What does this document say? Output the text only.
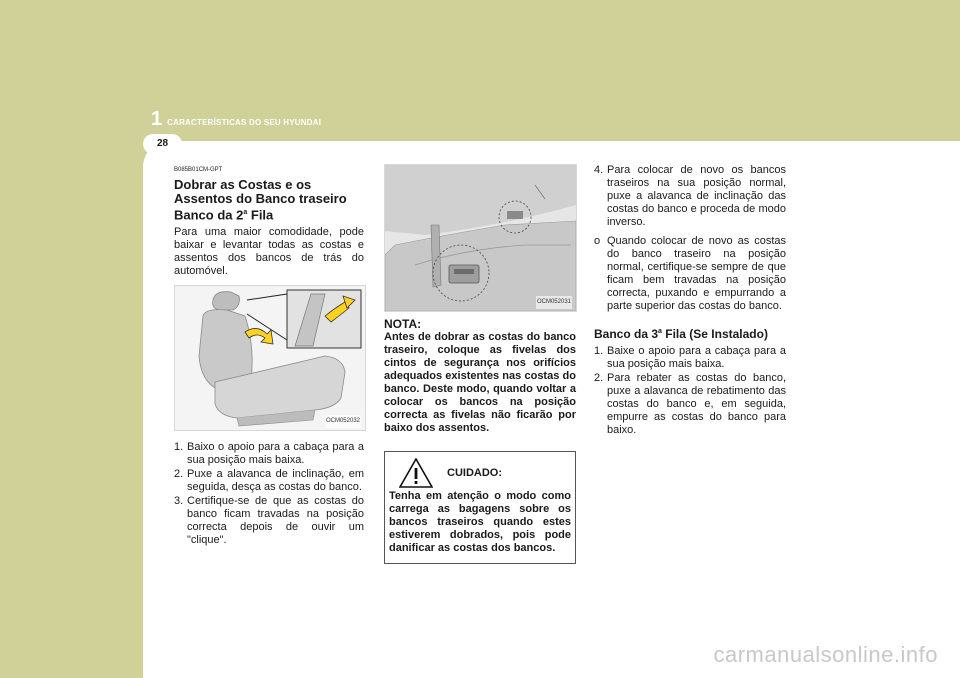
1 CARACTERÍSTICAS DO SEU HYUNDAI
28
B085B01CM-GPT
Dobrar as Costas e os Assentos do Banco traseiro
Banco da 2$^a$ Fila

Para uma maior comodidade, pode baixar e levantar todas as costas e assentos dos bancos de trás do automóvel.

OCM052032
1. Baixo o apoio para a cabaça para a sua posição mais baixa.
2. Puxe a alavanca de inclinação, em seguida, desça as costas do banco.
3. Certifique-se de que as costas do banco ficam travadas na posição correcta depois de ouvir um "clique".
OCM052031
NOTA:
Antes de dobrar as costas do banco traseiro, coloque as fivelas dos cintos de segurança nos orifícios adequados existentes nas costas do banco. Deste modo, quando voltar a colocar os bancos na posição correcta as fivelas não ficarão por baixo dos assentos.
CUIDADO:
Tenha em atenção o modo como carrega as bagagens sobre os bancos traseiros quando estes estiverem dobrados, pois pode danificar as costas dos bancos.
4. Para colocar de novo os bancos traseiros na sua posição normal, puxe a alavanca de inclinação das costas do banco e proceda de modo inverso.
o Quando colocar de novo as costas do banco traseiro na posição normal, certifique-se sempre de que ficam bem travadas na posição correcta, puxando e empurrando a parte superior das costas do banco.
Banco da 3$^a$ Fila (Se Instalado)
1. Baixe o apoio para a cabaça para a sua posição mais baixa.
2. Para rebater as costas do banco, puxe a alavanca de rebatimento das costas do banco e, em seguida, empurre as costas do banco para baixo.
carmanualsonline.info
